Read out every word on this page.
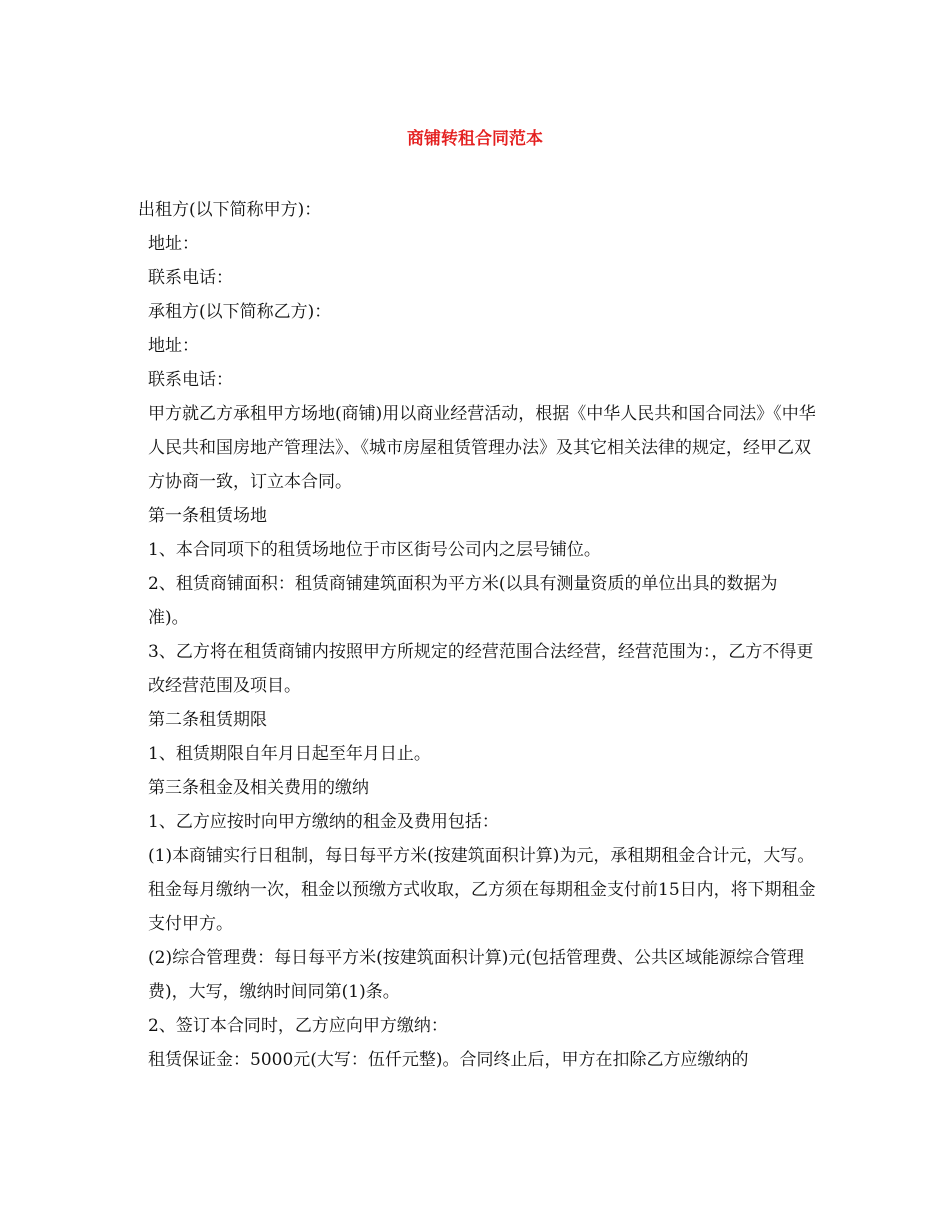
商铺转租合同范本

出租方(以下简称甲方)：

地址：

联系电话：

承租方(以下简称乙方)：

地址：

联系电话：

甲方就乙方承租甲方场地(商铺)用以商业经营活动，根据《中华人民共和国合同法》《中华人民共和国房地产管理法》、《城市房屋租赁管理办法》及其它相关法律的规定，经甲乙双方协商一致，订立本合同。

第一条租赁场地

1、本合同项下的租赁场地位于市区街号公司内之层号铺位。

2、租赁商铺面积：租赁商铺建筑面积为平方米(以具有测量资质的单位出具的数据为准)。

3、乙方将在租赁商铺内按照甲方所规定的经营范围合法经营，经营范围为：，乙方不得更改经营范围及项目。

第二条租赁期限

1、租赁期限自年月日起至年月日止。

第三条租金及相关费用的缴纳

1、乙方应按时向甲方缴纳的租金及费用包括：

(1)本商铺实行日租制，每日每平方米(按建筑面积计算)为元，承租期租金合计元，大写。租金每月缴纳一次，租金以预缴方式收取，乙方须在每期租金支付前15日内，将下期租金支付甲方。

(2)综合管理费：每日每平方米(按建筑面积计算)元(包括管理费、公共区域能源综合管理费)，大写，缴纳时间同第(1)条。

2、签订本合同时，乙方应向甲方缴纳：

租赁保证金：5000元(大写：伍仟元整)。合同终止后，甲方在扣除乙方应缴纳的
